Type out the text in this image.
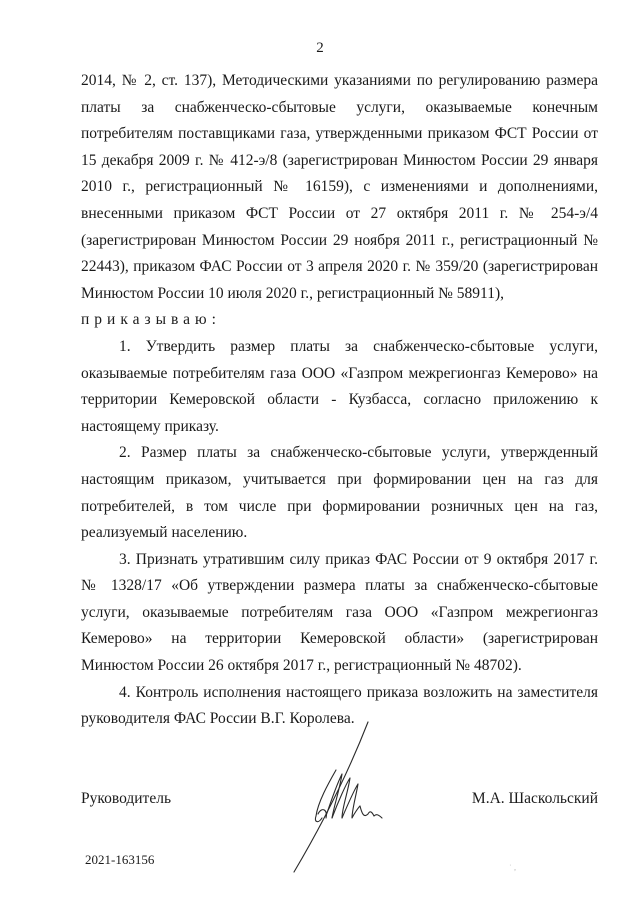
2

2014, № 2, ст. 137), Методическими указаниями по регулированию размера платы за снабженческо-сбытовые услуги, оказываемые конечным потребителям поставщиками газа, утвержденными приказом ФСТ России от 15 декабря 2009 г. № 412-э/8 (зарегистрирован Минюстом России 29 января 2010 г., регистрационный № 16159), с изменениями и дополнениями, внесенными приказом ФСТ России от 27 октября 2011 г. № 254-э/4 (зарегистрирован Минюстом России 29 ноября 2011 г., регистрационный № 22443), приказом ФАС России от 3 апреля 2020 г. № 359/20 (зарегистрирован Минюстом России 10 июля 2020 г., регистрационный № 58911),

приказываю:

1. Утвердить размер платы за снабженческо-сбытовые услуги, оказываемые потребителям газа ООО «Газпром межрегионгаз Кемерово» на территории Кемеровской области - Кузбасса, согласно приложению к настоящему приказу.

2. Размер платы за снабженческо-сбытовые услуги, утвержденный настоящим приказом, учитывается при формировании цен на газ для потребителей, в том числе при формировании розничных цен на газ, реализуемый населению.

3. Признать утратившим силу приказ ФАС России от 9 октября 2017 г. № 1328/17 «Об утверждении размера платы за снабженческо-сбытовые услуги, оказываемые потребителям газа ООО «Газпром межрегионгаз Кемерово» на территории Кемеровской области» (зарегистрирован Минюстом России 26 октября 2017 г., регистрационный № 48702).

4. Контроль исполнения настоящего приказа возложить на заместителя руководителя ФАС России В.Г. Королева.

Руководитель	М.А. Шаскольский
2021-163156
˙ ‚
